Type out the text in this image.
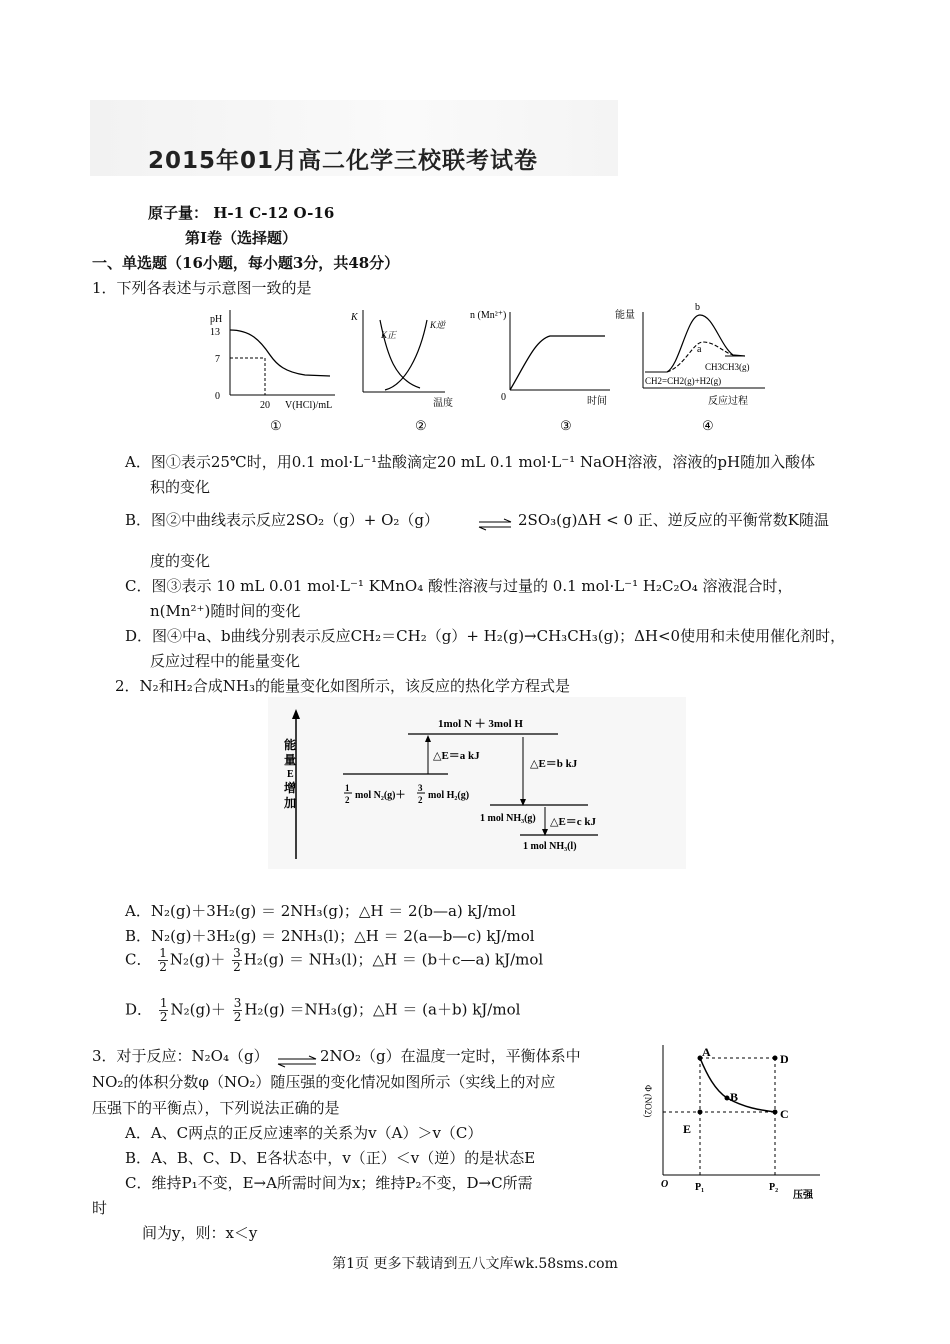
2015年01月高二化学三校联考试卷
原子量： H-1 C-12 O-16
第Ⅰ卷（选择题）
一、单选题（16小题，每小题3分，共48分）
1．下列各表述与示意图一致的是
pH
13
7
0
20 V(HCl)/mL
①
K
K正
K逆
温度
②
n (Mn²⁺)
0	时间
③
能量
b
a
CH3CH3(g)
CH2=CH2(g)+H2(g)
反应过程
④
A．图①表示25℃时，用0.1 mol·L⁻¹盐酸滴定20 mL 0.1 mol·L⁻¹ NaOH溶液，溶液的pH随加入酸体
积的变化
B．图②中曲线表示反应2SO₂（g）+ O₂（g）	⇌ 2SO₃(g)ΔH < 0 正、逆反应的平衡常数K随温
度的变化
C．图③表示 10 mL 0.01 mol·L⁻¹ KMnO₄ 酸性溶液与过量的 0.1 mol·L⁻¹ H₂C₂O₄ 溶液混合时，
n(Mn²⁺)随时间的变化
D．图④中a、b曲线分别表示反应CH₂＝CH₂（g）+ H₂(g)→CH₃CH₃(g)；ΔH<0使用和未使用催化剂时，
反应过程中的能量变化
2．N₂和H₂合成NH₃的能量变化如图所示，该反应的热化学方程式是
能
量
E
增
加
1mol N ＋ 3mol H
△E＝a kJ
△E＝b kJ
△E＝c kJ
1
2 mol N₂(g)＋
3
2 mol H₂(g)
1 mol NH₃(g)
1 mol NH₃(l)
A．N₂(g)＋3H₂(g) ＝ 2NH₃(g)；△H ＝ 2(b—a) kJ/mol
B．N₂(g)＋3H₂(g) ＝ 2NH₃(l)；△H ＝ 2(a—b—c) kJ/mol
C． $\frac{1}{2} N_2(g)+ \frac{3}{2} H_2(g) = NH_3(l)$；△H ＝ (b＋c—a) kJ/mol
D． $\frac{1}{2} N_2(g)+ \frac{3}{2} H_2(g) =NH_3(g)$；△H ＝ (a＋b) kJ/mol
3．对于反应：N₂O₄（g） ⇌ 2NO₂（g）在温度一定时，平衡体系中
NO₂的体积分数φ（NO₂）随压强的变化情况如图所示（实线上的对应
压强下的平衡点），下列说法正确的是
A．A、C两点的正反应速率的关系为v（A）＞v（C）
B．A、B、C、D、E各状态中，v（正）＜v（逆）的是状态E
C．维持P₁不变，E→A所需时间为x；维持P₂不变，D→C所需
时
间为y，则：x＜y
Φ (NO2)
A
B
C
D
E
O	P₁	P₂
压强
第1页 更多下载请到五八文库wk.58sms.com
